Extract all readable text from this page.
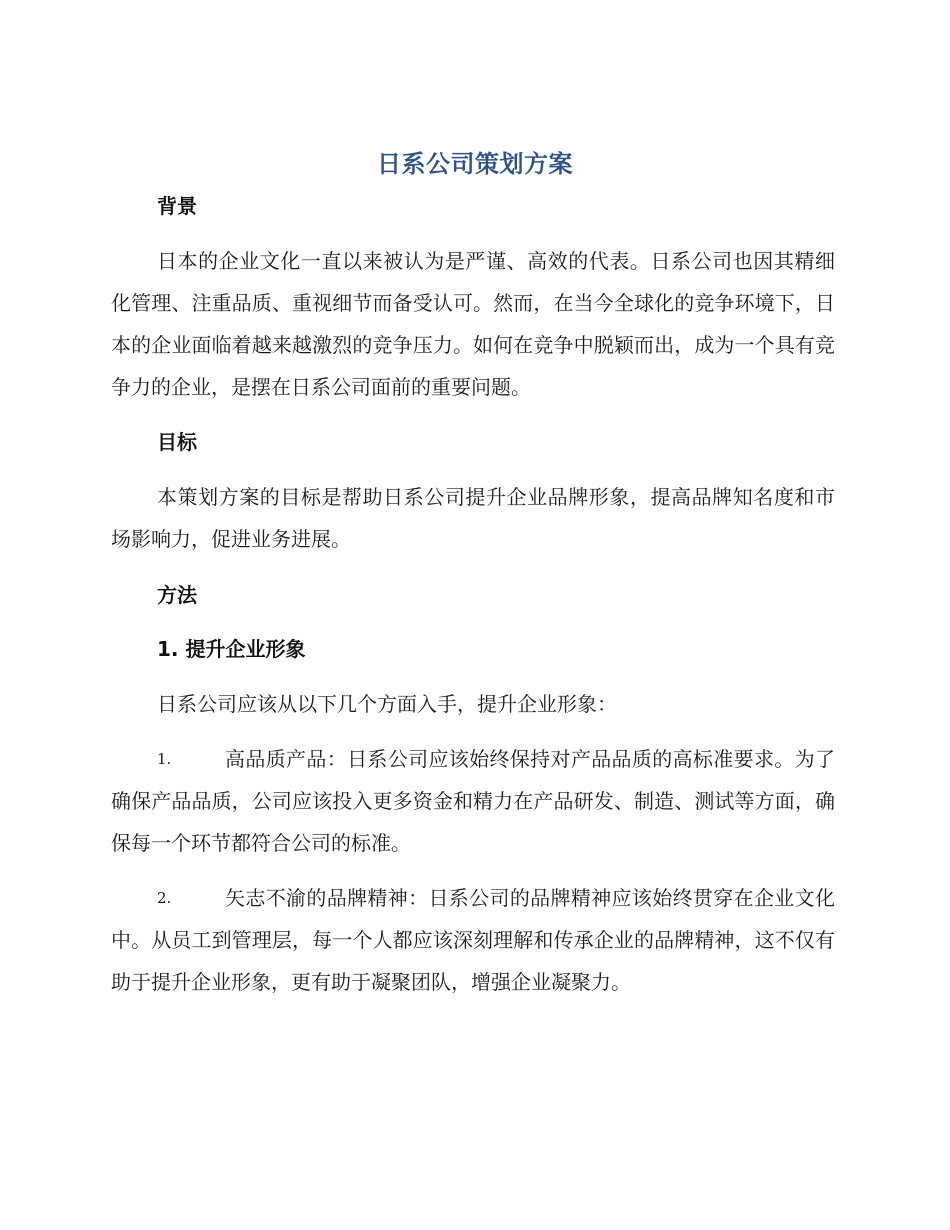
日系公司策划方案
背景
日本的企业文化一直以来被认为是严谨、高效的代表。日系公司也因其精细化管理、注重品质、重视细节而备受认可。然而，在当今全球化的竞争环境下，日本的企业面临着越来越激烈的竞争压力。如何在竞争中脱颖而出，成为一个具有竞争力的企业，是摆在日系公司面前的重要问题。
目标
本策划方案的目标是帮助日系公司提升企业品牌形象，提高品牌知名度和市场影响力，促进业务进展。
方法
1. 提升企业形象
日系公司应该从以下几个方面入手，提升企业形象：
1.	高品质产品：日系公司应该始终保持对产品品质的高标准要求。为了确保产品品质，公司应该投入更多资金和精力在产品研发、制造、测试等方面，确保每一个环节都符合公司的标准。
2.	矢志不渝的品牌精神：日系公司的品牌精神应该始终贯穿在企业文化中。从员工到管理层，每一个人都应该深刻理解和传承企业的品牌精神，这不仅有助于提升企业形象，更有助于凝聚团队，增强企业凝聚力。
